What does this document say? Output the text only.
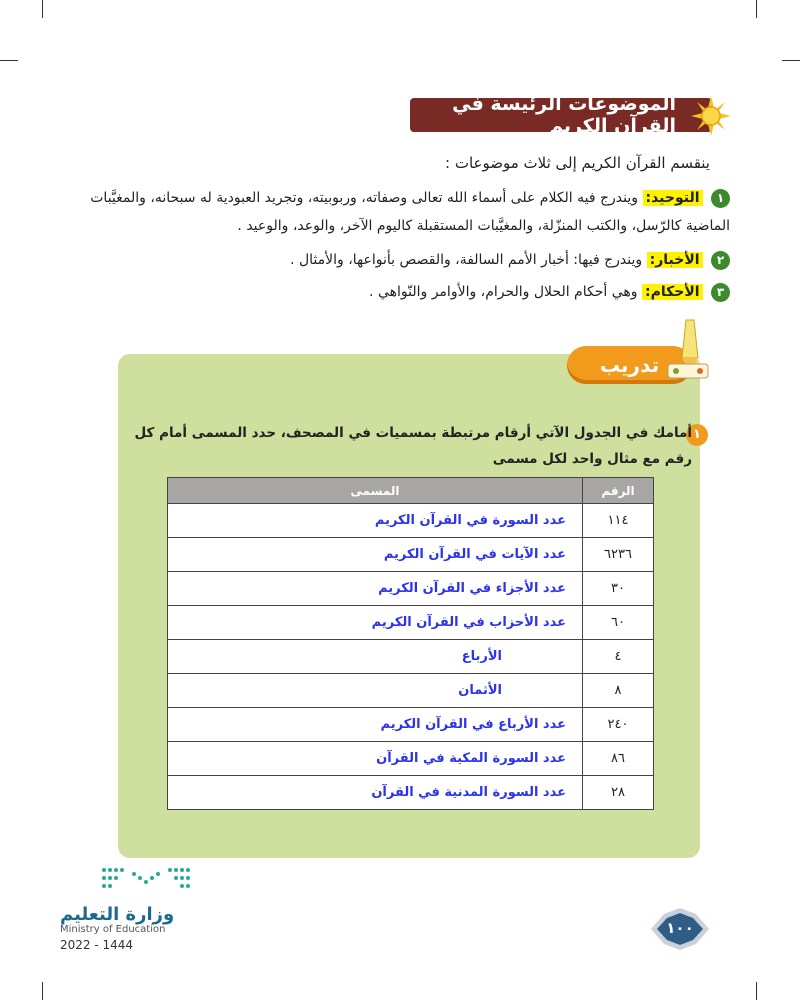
الموضوعات الرئيسة في القرآن الكريم
ينقسم القرآن الكريم إلى ثلاث موضوعات :
١ التوحيد: ويندرج فيه الكلام على أسماء الله تعالى وصفاته، وربوبيته، وتجريد العبودية له سبحانه، والمغيَّبات الماضية كالرّسل، والكتب المنزّلة، والمغيَّبات المستقبلة كاليوم الآخر، والوعد، والوعيد .
٢ الأخبار: ويندرج فيها: أخبار الأمم السالفة، والقصص بأنواعها، والأمثال .
٣ الأحكام: وهي أحكام الحلال والحرام، والأوامر والنّواهي .
تدريب
١
أمامك في الجدول الآتي أرقام مرتبطة بمسميات في المصحف، حدد المسمى أمام كل رقم مع مثال واحد لكل مسمى
الرقم	المسمى
١١٤	عدد السورة في القرآن الكريم
٦٢٣٦	عدد الآيات في القرآن الكريم
٣٠	عدد الأجزاء في القرآن الكريم
٦٠	عدد الأحزاب في القرآن الكريم
٤	الأرباع
٨	الأثمان
٢٤٠	عدد الأرباع في القرآن الكريم
٨٦	عدد السورة المكية في القرآن
٢٨	عدد السورة المدنية في القرآن
وزارة التعليم
Ministry of Education
2022 - 1444
١٠٠
